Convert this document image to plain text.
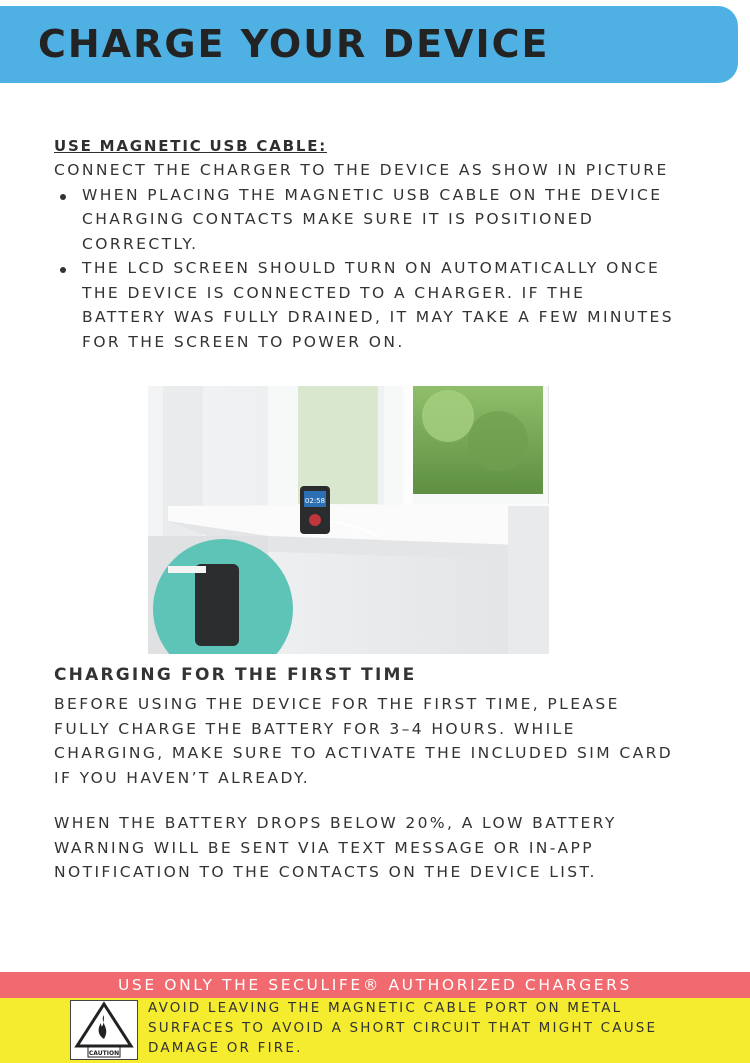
CHARGE YOUR DEVICE
USE MAGNETIC USB CABLE:
CONNECT THE CHARGER TO THE DEVICE AS SHOW IN PICTURE
WHEN PLACING THE MAGNETIC USB CABLE ON THE DEVICE CHARGING CONTACTS MAKE SURE IT IS POSITIONED CORRECTLY.
THE LCD SCREEN SHOULD TURN ON AUTOMATICALLY ONCE THE DEVICE IS CONNECTED TO A CHARGER. IF THE BATTERY WAS FULLY DRAINED, IT MAY TAKE A FEW MINUTES FOR THE SCREEN TO POWER ON.
02:58
CHARGING FOR THE FIRST TIME
BEFORE USING THE DEVICE FOR THE FIRST TIME, PLEASE FULLY CHARGE THE BATTERY FOR 3–4 HOURS. WHILE CHARGING, MAKE SURE TO ACTIVATE THE INCLUDED SIM CARD IF YOU HAVEN’T ALREADY.
WHEN THE BATTERY DROPS BELOW 20%, A LOW BATTERY WARNING WILL BE SENT VIA TEXT MESSAGE OR IN-APP NOTIFICATION TO THE CONTACTS ON THE DEVICE LIST.
USE ONLY THE SECULIFE® AUTHORIZED CHARGERS
CAUTION
AVOID LEAVING THE MAGNETIC CABLE PORT ON METAL SURFACES TO AVOID A SHORT CIRCUIT THAT MIGHT CAUSE DAMAGE OR FIRE.
